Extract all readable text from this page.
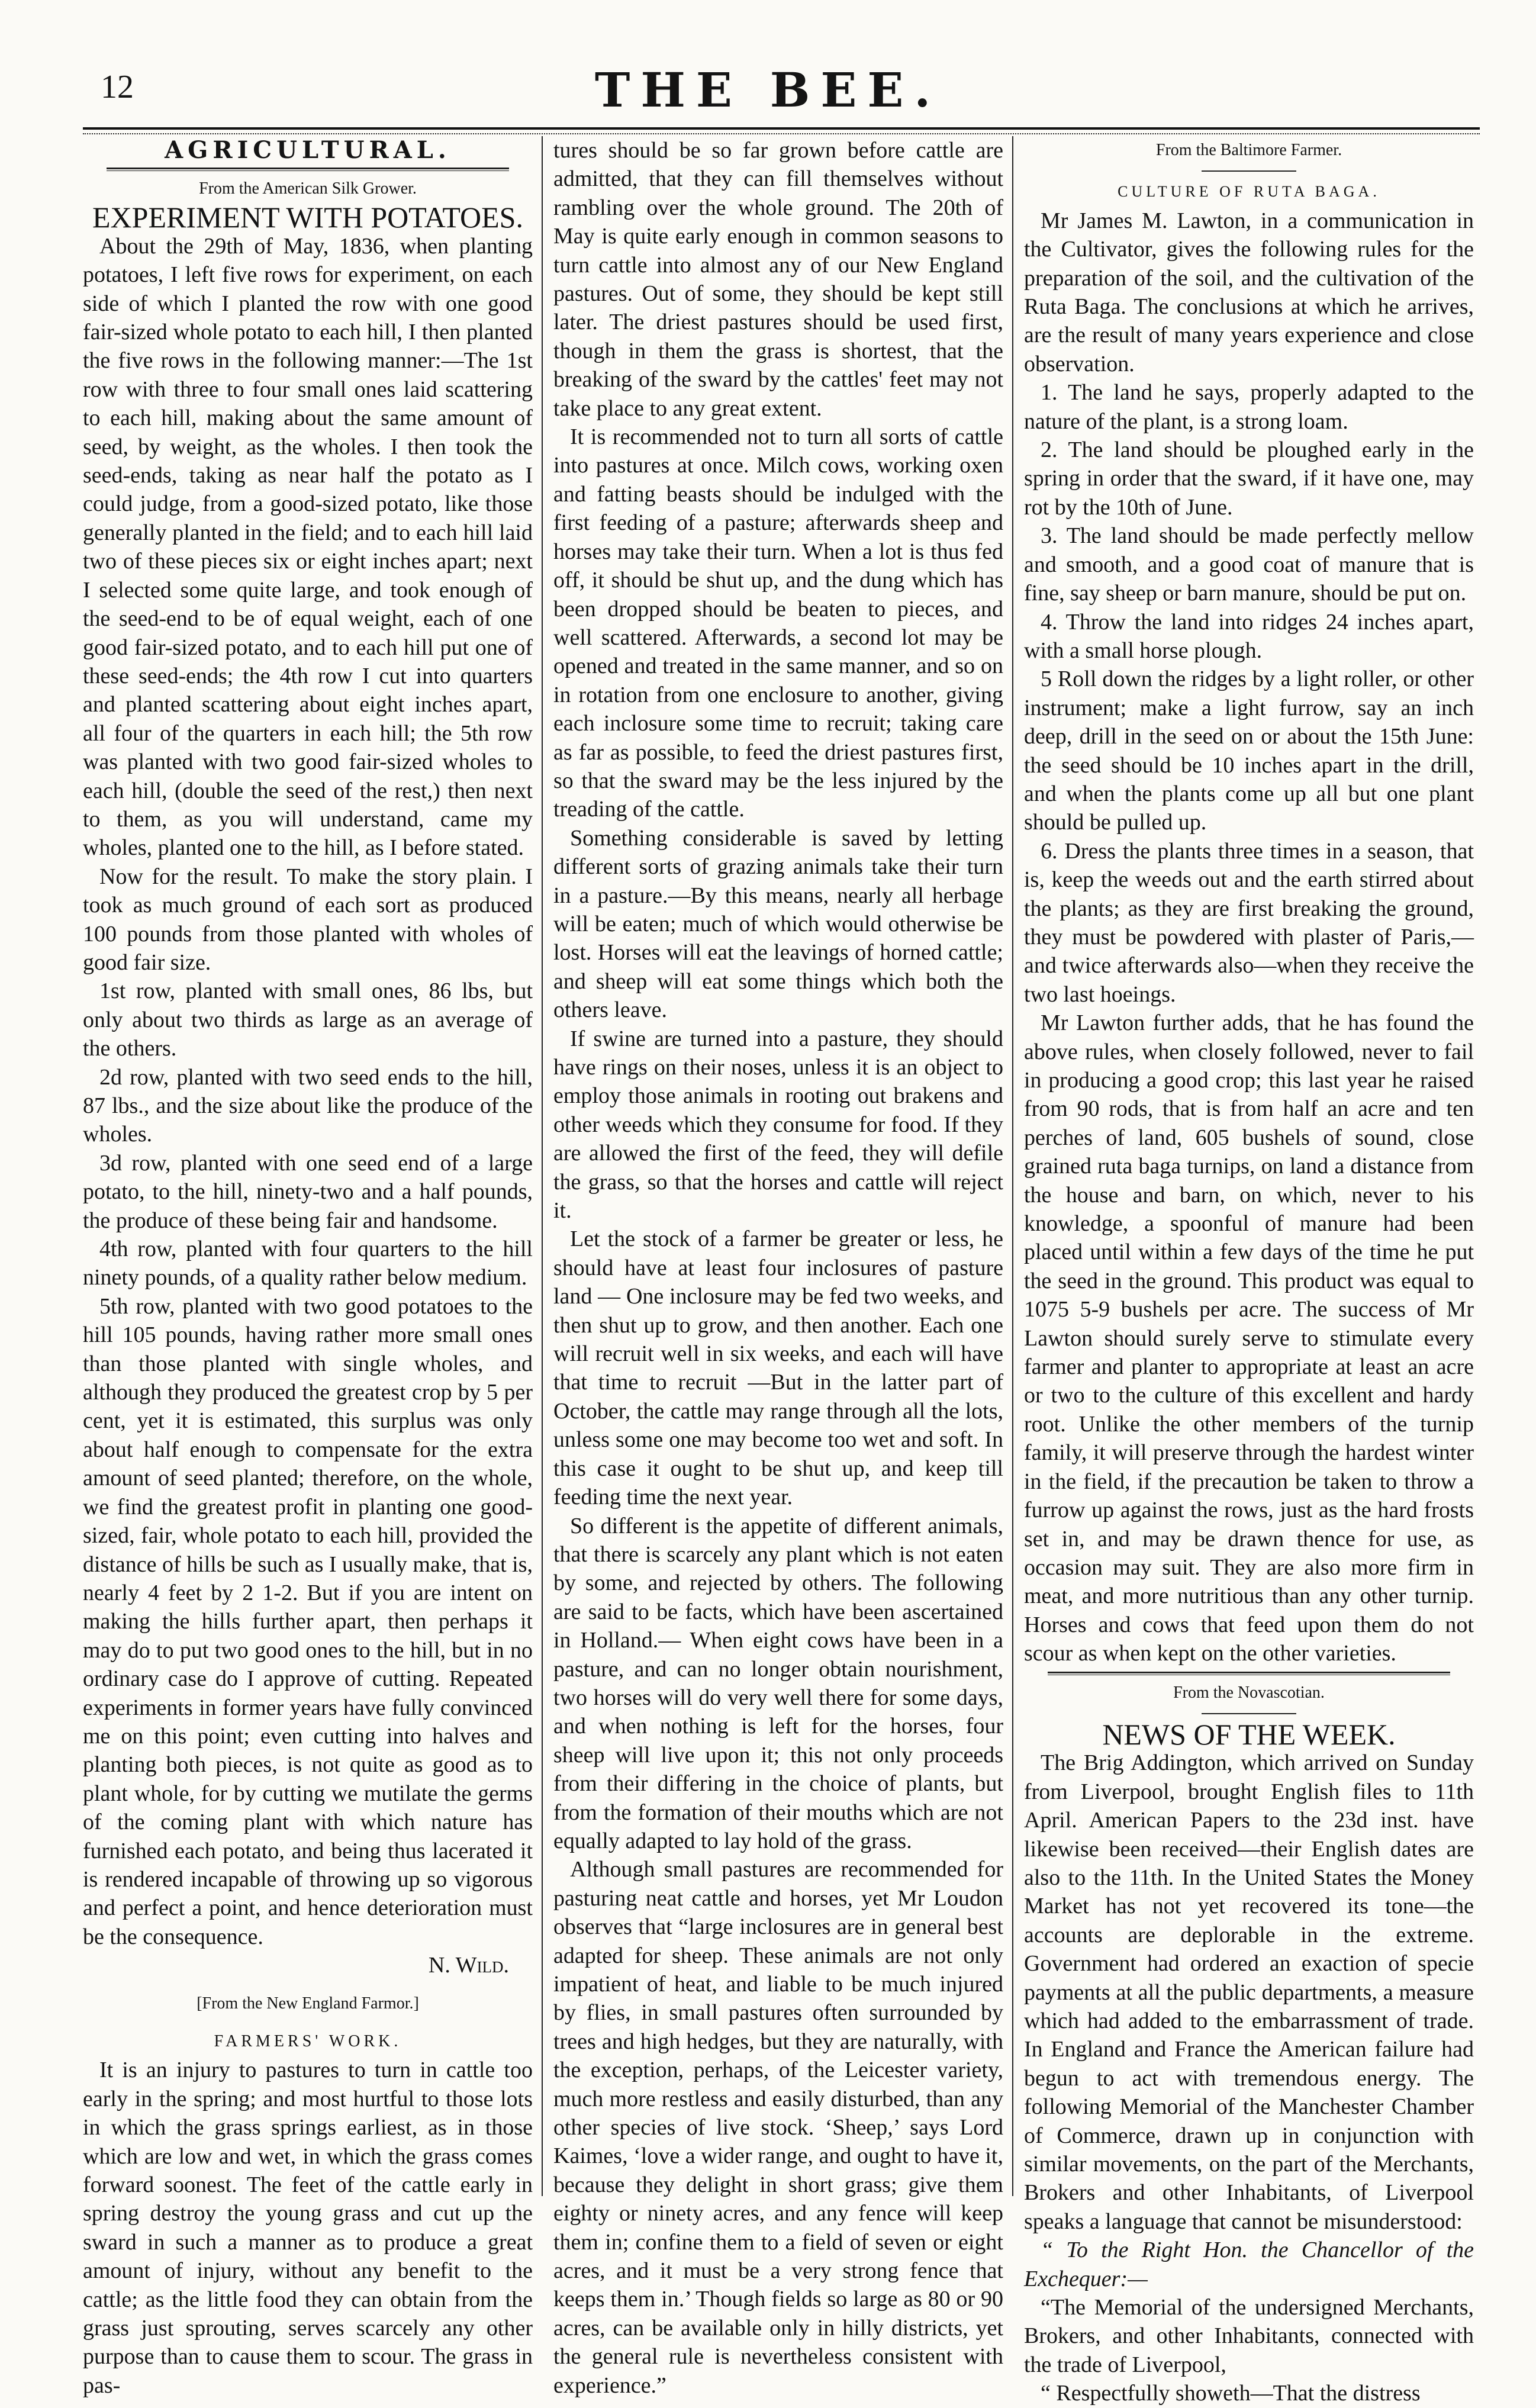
12	THE BEE.
AGRICULTURAL.
From the American Silk Grower.
EXPERIMENT WITH POTATOES.

About the 29th of May, 1836, when planting potatoes, I left five rows for experiment, on each side of which I planted the row with one good fair-sized whole potato to each hill, I then planted the five rows in the following manner:—The 1st row with three to four small ones laid scattering to each hill, making about the same amount of seed, by weight, as the wholes. I then took the seed-ends, taking as near half the potato as I could judge, from a good-sized potato, like those generally planted in the field; and to each hill laid two of these pieces six or eight inches apart; next I selected some quite large, and took enough of the seed-end to be of equal weight, each of one good fair-sized potato, and to each hill put one of these seed-ends; the 4th row I cut into quarters and planted scattering about eight inches apart, all four of the quarters in each hill; the 5th row was planted with two good fair-sized wholes to each hill, (double the seed of the rest,) then next to them, as you will understand, came my wholes, planted one to the hill, as I before stated.

Now for the result. To make the story plain. I took as much ground of each sort as produced 100 pounds from those planted with wholes of good fair size.

1st row, planted with small ones, 86 lbs, but only about two thirds as large as an average of the others.

2d row, planted with two seed ends to the hill, 87 lbs., and the size about like the produce of the wholes.

3d row, planted with one seed end of a large potato, to the hill, ninety-two and a half pounds, the produce of these being fair and handsome.

4th row, planted with four quarters to the hill ninety pounds, of a quality rather below medium.

5th row, planted with two good potatoes to the hill 105 pounds, having rather more small ones than those planted with single wholes, and although they produced the greatest crop by 5 per cent, yet it is estimated, this surplus was only about half enough to compensate for the extra amount of seed planted; therefore, on the whole, we find the greatest profit in planting one good-sized, fair, whole potato to each hill, provided the distance of hills be such as I usually make, that is, nearly 4 feet by 2 1-2. But if you are intent on making the hills further apart, then perhaps it may do to put two good ones to the hill, but in no ordinary case do I approve of cutting. Repeated experiments in former years have fully convinced me on this point; even cutting into halves and planting both pieces, is not quite as good as to plant whole, for by cutting we mutilate the germs of the coming plant with which nature has furnished each potato, and being thus lacerated it is rendered incapable of throwing up so vigorous and perfect a point, and hence deterioration must be the consequence.

N. Wild.
[From the New England Farmor.]
FARMERS' WORK.

It is an injury to pastures to turn in cattle too early in the spring; and most hurtful to those lots in which the grass springs earliest, as in those which are low and wet, in which the grass comes forward soonest. The feet of the cattle early in spring destroy the young grass and cut up the sward in such a manner as to produce a great amount of injury, without any benefit to the cattle; as the little food they can obtain from the grass just sprouting, serves scarcely any other purpose than to cause them to scour. The grass in pas-

tures should be so far grown before cattle are admitted, that they can fill themselves without rambling over the whole ground. The 20th of May is quite early enough in common seasons to turn cattle into almost any of our New England pastures. Out of some, they should be kept still later. The driest pastures should be used first, though in them the grass is shortest, that the breaking of the sward by the cattles' feet may not take place to any great extent.

It is recommended not to turn all sorts of cattle into pastures at once. Milch cows, working oxen and fatting beasts should be indulged with the first feeding of a pasture; afterwards sheep and horses may take their turn. When a lot is thus fed off, it should be shut up, and the dung which has been dropped should be beaten to pieces, and well scattered. Afterwards, a second lot may be opened and treated in the same manner, and so on in rotation from one enclosure to another, giving each inclosure some time to recruit; taking care as far as possible, to feed the driest pastures first, so that the sward may be the less injured by the treading of the cattle.

Something considerable is saved by letting different sorts of grazing animals take their turn in a pasture.—By this means, nearly all herbage will be eaten; much of which would otherwise be lost. Horses will eat the leavings of horned cattle; and sheep will eat some things which both the others leave.

If swine are turned into a pasture, they should have rings on their noses, unless it is an object to employ those animals in rooting out brakens and other weeds which they consume for food. If they are allowed the first of the feed, they will defile the grass, so that the horses and cattle will reject it.

Let the stock of a farmer be greater or less, he should have at least four inclosures of pasture land — One inclosure may be fed two weeks, and then shut up to grow, and then another. Each one will recruit well in six weeks, and each will have that time to recruit —But in the latter part of October, the cattle may range through all the lots, unless some one may become too wet and soft. In this case it ought to be shut up, and keep till feeding time the next year.

So different is the appetite of different animals, that there is scarcely any plant which is not eaten by some, and rejected by others. The following are said to be facts, which have been ascertained in Holland.— When eight cows have been in a pasture, and can no longer obtain nourishment, two horses will do very well there for some days, and when nothing is left for the horses, four sheep will live upon it; this not only proceeds from their differing in the choice of plants, but from the formation of their mouths which are not equally adapted to lay hold of the grass.

Although small pastures are recommended for pasturing neat cattle and horses, yet Mr Loudon observes that “large inclosures are in general best adapted for sheep. These animals are not only impatient of heat, and liable to be much injured by flies, in small pastures often surrounded by trees and high hedges, but they are naturally, with the exception, perhaps, of the Leicester variety, much more restless and easily disturbed, than any other species of live stock. ‘Sheep,’ says Lord Kaimes, ‘love a wider range, and ought to have it, because they delight in short grass; give them eighty or ninety acres, and any fence will keep them in; confine them to a field of seven or eight acres, and it must be a very strong fence that keeps them in.’ Though fields so large as 80 or 90 acres, can be available only in hilly districts, yet the general rule is nevertheless consistent with experience.”

From the Baltimore Farmer.
CULTURE OF RUTA BAGA.

Mr James M. Lawton, in a communication in the Cultivator, gives the following rules for the preparation of the soil, and the cultivation of the Ruta Baga. The conclusions at which he arrives, are the result of many years experience and close observation.

1. The land he says, properly adapted to the nature of the plant, is a strong loam.

2. The land should be ploughed early in the spring in order that the sward, if it have one, may rot by the 10th of June.

3. The land should be made perfectly mellow and smooth, and a good coat of manure that is fine, say sheep or barn manure, should be put on.

4. Throw the land into ridges 24 inches apart, with a small horse plough.

5 Roll down the ridges by a light roller, or other instrument; make a light furrow, say an inch deep, drill in the seed on or about the 15th June: the seed should be 10 inches apart in the drill, and when the plants come up all but one plant should be pulled up.

6. Dress the plants three times in a season, that is, keep the weeds out and the earth stirred about the plants; as they are first breaking the ground, they must be powdered with plaster of Paris,—and twice afterwards also—when they receive the two last hoeings.

Mr Lawton further adds, that he has found the above rules, when closely followed, never to fail in producing a good crop; this last year he raised from 90 rods, that is from half an acre and ten perches of land, 605 bushels of sound, close grained ruta baga turnips, on land a distance from the house and barn, on which, never to his knowledge, a spoonful of manure had been placed until within a few days of the time he put the seed in the ground. This product was equal to 1075 5-9 bushels per acre. The success of Mr Lawton should surely serve to stimulate every farmer and planter to appropriate at least an acre or two to the culture of this excellent and hardy root. Unlike the other members of the turnip family, it will preserve through the hardest winter in the field, if the precaution be taken to throw a furrow up against the rows, just as the hard frosts set in, and may be drawn thence for use, as occasion may suit. They are also more firm in meat, and more nutritious than any other turnip. Horses and cows that feed upon them do not scour as when kept on the other varieties.

From the Novascotian.
NEWS OF THE WEEK.

The Brig Addington, which arrived on Sunday from Liverpool, brought English files to 11th April. American Papers to the 23d inst. have likewise been received—their English dates are also to the 11th. In the United States the Money Market has not yet recovered its tone—the accounts are deplorable in the extreme. Government had ordered an exaction of specie payments at all the public departments, a measure which had added to the embarrassment of trade. In England and France the American failure had begun to act with tremendous energy. The following Memorial of the Manchester Chamber of Commerce, drawn up in conjunction with similar movements, on the part of the Merchants, Brokers and other Inhabitants, of Liverpool speaks a language that cannot be misunderstood:

“ To the Right Hon. the Chancellor of the Exchequer:—

“The Memorial of the undersigned Merchants, Brokers, and other Inhabitants, connected with the trade of Liverpool,

“ Respectfully showeth—That the distress
